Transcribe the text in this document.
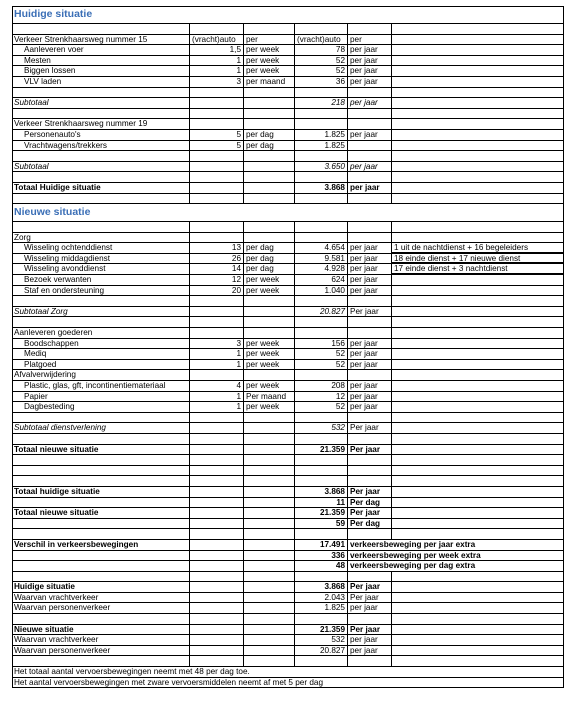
Huidige situatie
Verkeer Strenkhaarsweg nummer 15	(vracht)auto	per	(vracht)auto	per
Aanleveren voer	1,5 per week	78 per jaar
Mesten	1 per week	52 per jaar
Biggen lossen	1 per week	52 per jaar
VLV laden	3 per maand	36 per jaar
Subtotaal	218 per jaar
Verkeer Strenkhaarsweg nummer 19
Personenauto's	5 per dag	1.825 per jaar
Vrachtwagens/trekkers	5 per dag	1.825
Subtotaal	3.650 per jaar
Totaal Huidige situatie	3.868 per jaar
Nieuwe situatie
Zorg
Wisseling ochtenddienst	13 per dag	4.654 per jaar	1 uit de nachtdienst + 16 begeleiders
Wisseling middagdienst	26 per dag	9.581 per jaar	18 einde dienst + 17 nieuwe dienst
Wisseling avonddienst	14 per dag	4.928 per jaar	17 einde dienst + 3 nachtdienst
Bezoek verwanten	12 per week	624 per jaar
Staf en ondersteuning	20 per week	1.040 per jaar
Subtotaal Zorg	20.827 Per jaar
Aanleveren goederen
Boodschappen	3 per week	156 per jaar
Mediq	1 per week	52 per jaar
Platgoed	1 per week	52 per jaar
Afvalverwijdering
Plastic, glas, gft, incontinentiemateriaal	4 per week	208 per jaar
Papier	1 Per maand	12 per jaar
Dagbesteding	1 per week	52 per jaar
Subtotaal dienstverlening	532 Per jaar
Totaal nieuwe situatie	21.359 Per jaar
Totaal huidige situatie	3.868 Per jaar
11 Per dag
Totaal nieuwe situatie	21.359 Per jaar
59 Per dag
Verschil in verkeersbewegingen	17.491 verkeersbeweging per jaar extra
336 verkeersbeweging per week extra
48 verkeersbeweging per dag extra
Huidige situatie	3.868 Per jaar
Waarvan vrachtverkeer	2.043 Per jaar
Waarvan personenverkeer	1.825 per jaar
Nieuwe situatie	21.359 Per jaar
Waarvan vrachtverkeer	532 per jaar
Waarvan personenverkeer	20.827 per jaar
Het totaal aantal vervoersbewegingen neemt met 48 per dag toe.
Het aantal vervoersbewegingen met zware vervoersmiddelen neemt af met 5 per dag
